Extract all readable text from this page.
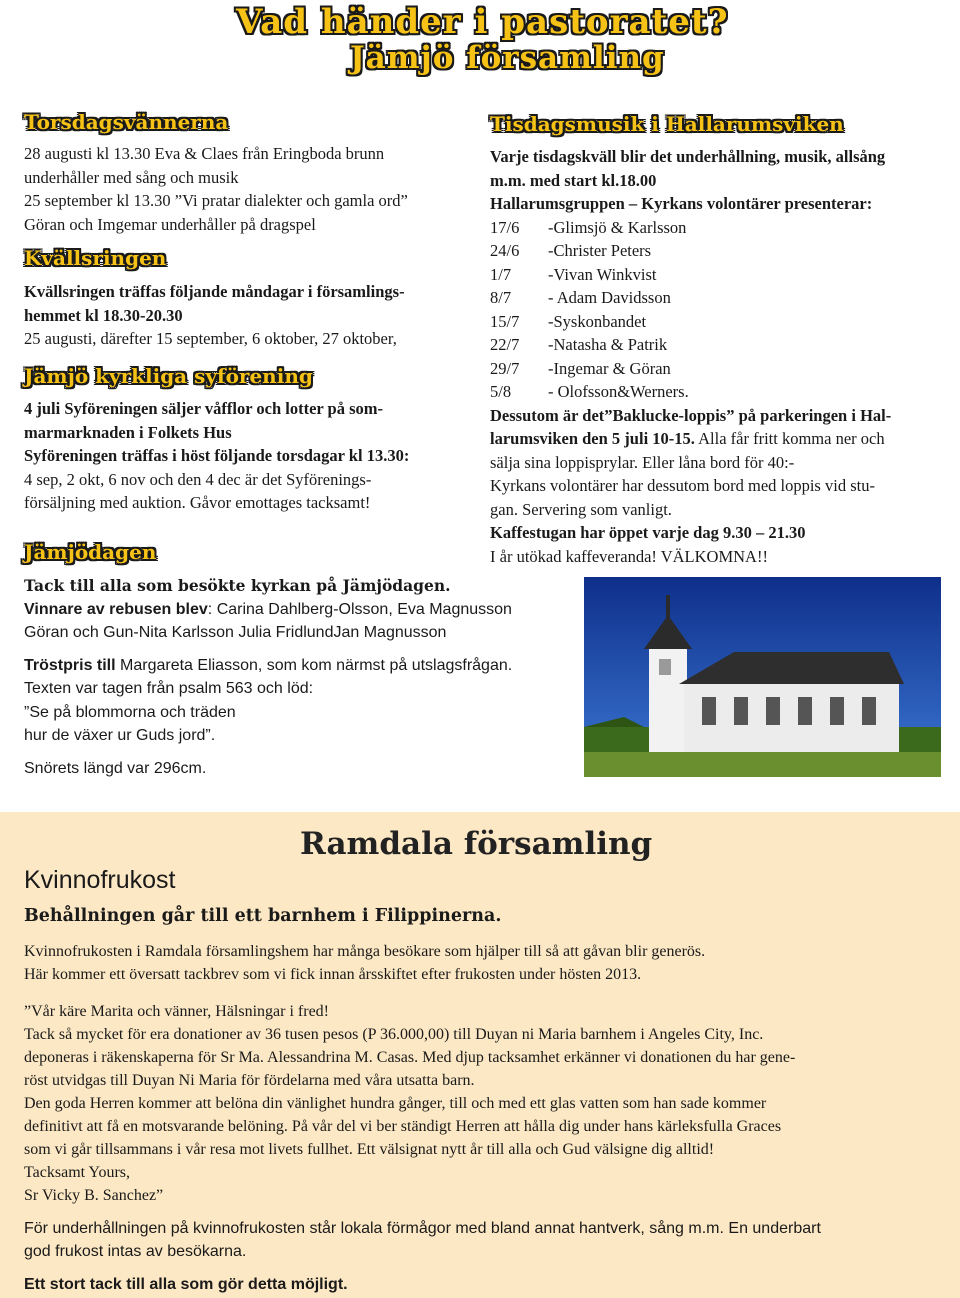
Vad händer i pastoratet?
Jämjö församling
Torsdagsvännerna

28 augusti kl 13.30 Eva & Claes från Eringboda brunn

underhåller med sång och musik

25 september kl 13.30 ”Vi pratar dialekter och gamla ord”

Göran och Imgemar underhåller på dragspel

Kvällsringen

Kvällsringen träffas följande måndagar i församlings-

hemmet kl 18.30-20.30

25 augusti, därefter 15 september, 6 oktober, 27 oktober,

Jämjö kyrkliga syförening

4 juli Syföreningen säljer våfflor och lotter på som-

marmarknaden i Folkets Hus

Syföreningen träffas i höst följande torsdagar kl 13.30:

4 sep, 2 okt, 6 nov och den 4 dec är det Syförenings-

försäljning med auktion. Gåvor emottages tacksamt!

Jämjödagen

Tack till alla som besökte kyrkan på Jämjödagen.

Vinnare av rebusen blev: Carina Dahlberg-Olsson, Eva Magnusson

Göran och Gun-Nita Karlsson Julia FridlundJan Magnusson

Tröstpris till Margareta Eliasson, som kom närmst på utslagsfrågan.

Texten var tagen från psalm 563 och löd:

”Se på blommorna och träden

hur de växer ur Guds jord”.

Snörets längd var 296cm.

Tisdagsmusik i Hallarumsviken

Varje tisdagskväll blir det underhållning, musik, allsång

m.m. med start kl.18.00

Hallarumsgruppen – Kyrkans volontärer presenterar:

17/6	-Glimsjö & Karlsson
24/6	-Christer Peters
1/7	-Vivan Winkvist
8/7	- Adam Davidsson
15/7	-Syskonbandet
22/7	-Natasha & Patrik
29/7	-Ingemar & Göran
5/8	- Olofsson&Werners.

Dessutom är det”Baklucke-loppis” på parkeringen i Hal-

larumsviken den 5 juli 10-15. Alla får fritt komma ner och

sälja sina loppisprylar. Eller låna bord för 40:-

Kyrkans volontärer har dessutom bord med loppis vid stu-

gan. Servering som vanligt.

Kaffestugan har öppet varje dag 9.30 – 21.30

I år utökad kaffeveranda! VÄLKOMNA!!

Ramdala församling
Kvinnofrukost
Behållningen går till ett barnhem i Filippinerna.

Kvinnofrukosten i Ramdala församlingshem har många besökare som hjälper till så att gåvan blir generös.

Här kommer ett översatt tackbrev som vi fick innan årsskiftet efter frukosten under hösten 2013.

”Vår käre Marita och vänner, Hälsningar i fred!

Tack så mycket för era donationer av 36 tusen pesos (P 36.000,00) till Duyan ni Maria barnhem i Angeles City, Inc.

deponeras i räkenskaperna för Sr Ma. Alessandrina M. Casas. Med djup tacksamhet erkänner vi donationen du har gene-

röst utvidgas till Duyan Ni Maria för fördelarna med våra utsatta barn.

Den goda Herren kommer att belöna din vänlighet hundra gånger, till och med ett glas vatten som han sade kommer

definitivt att få en motsvarande belöning. På vår del vi ber ständigt Herren att hålla dig under hans kärleksfulla Graces

som vi går tillsammans i vår resa mot livets fullhet. Ett välsignat nytt år till alla och Gud välsigne dig alltid!

Tacksamt Yours,

Sr Vicky B. Sanchez”

För underhållningen på kvinnofrukosten står lokala förmågor med bland annat hantverk, sång m.m. En underbart

god frukost intas av besökarna.

Ett stort tack till alla som gör detta möjligt.
